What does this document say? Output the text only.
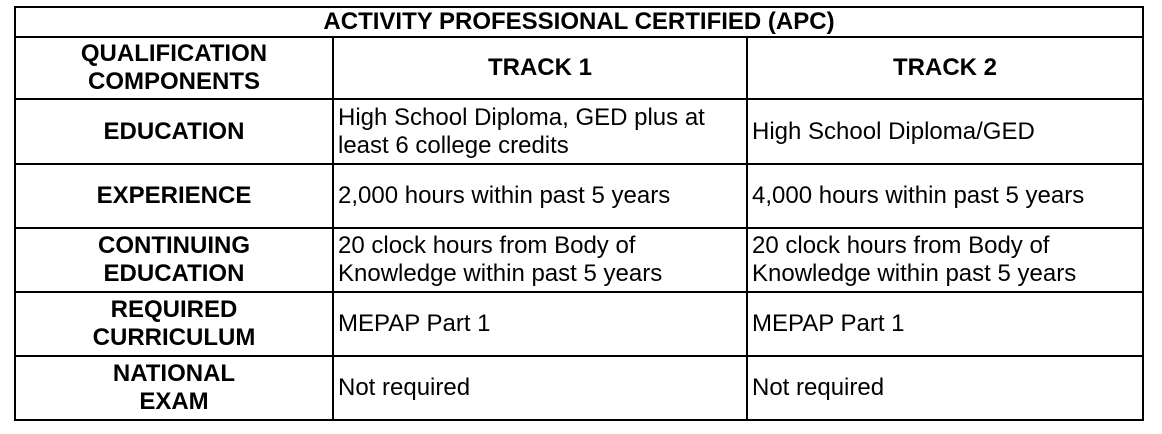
ACTIVITY PROFESSIONAL CERTIFIED (APC)		

QUALIFICATION
COMPONENTS	TRACK 1	TRACK 2

EDUCATION	High School Diploma, GED plus at least 6 college credits	High School Diploma/GED

EXPERIENCE	2,000 hours within past 5 years	4,000 hours within past 5 years

CONTINUING
EDUCATION	20 clock hours from Body of Knowledge within past 5 years	20 clock hours from Body of Knowledge within past 5 years

REQUIRED
CURRICULUM	MEPAP Part 1	MEPAP Part 1

NATIONAL
EXAM	Not required	Not required
